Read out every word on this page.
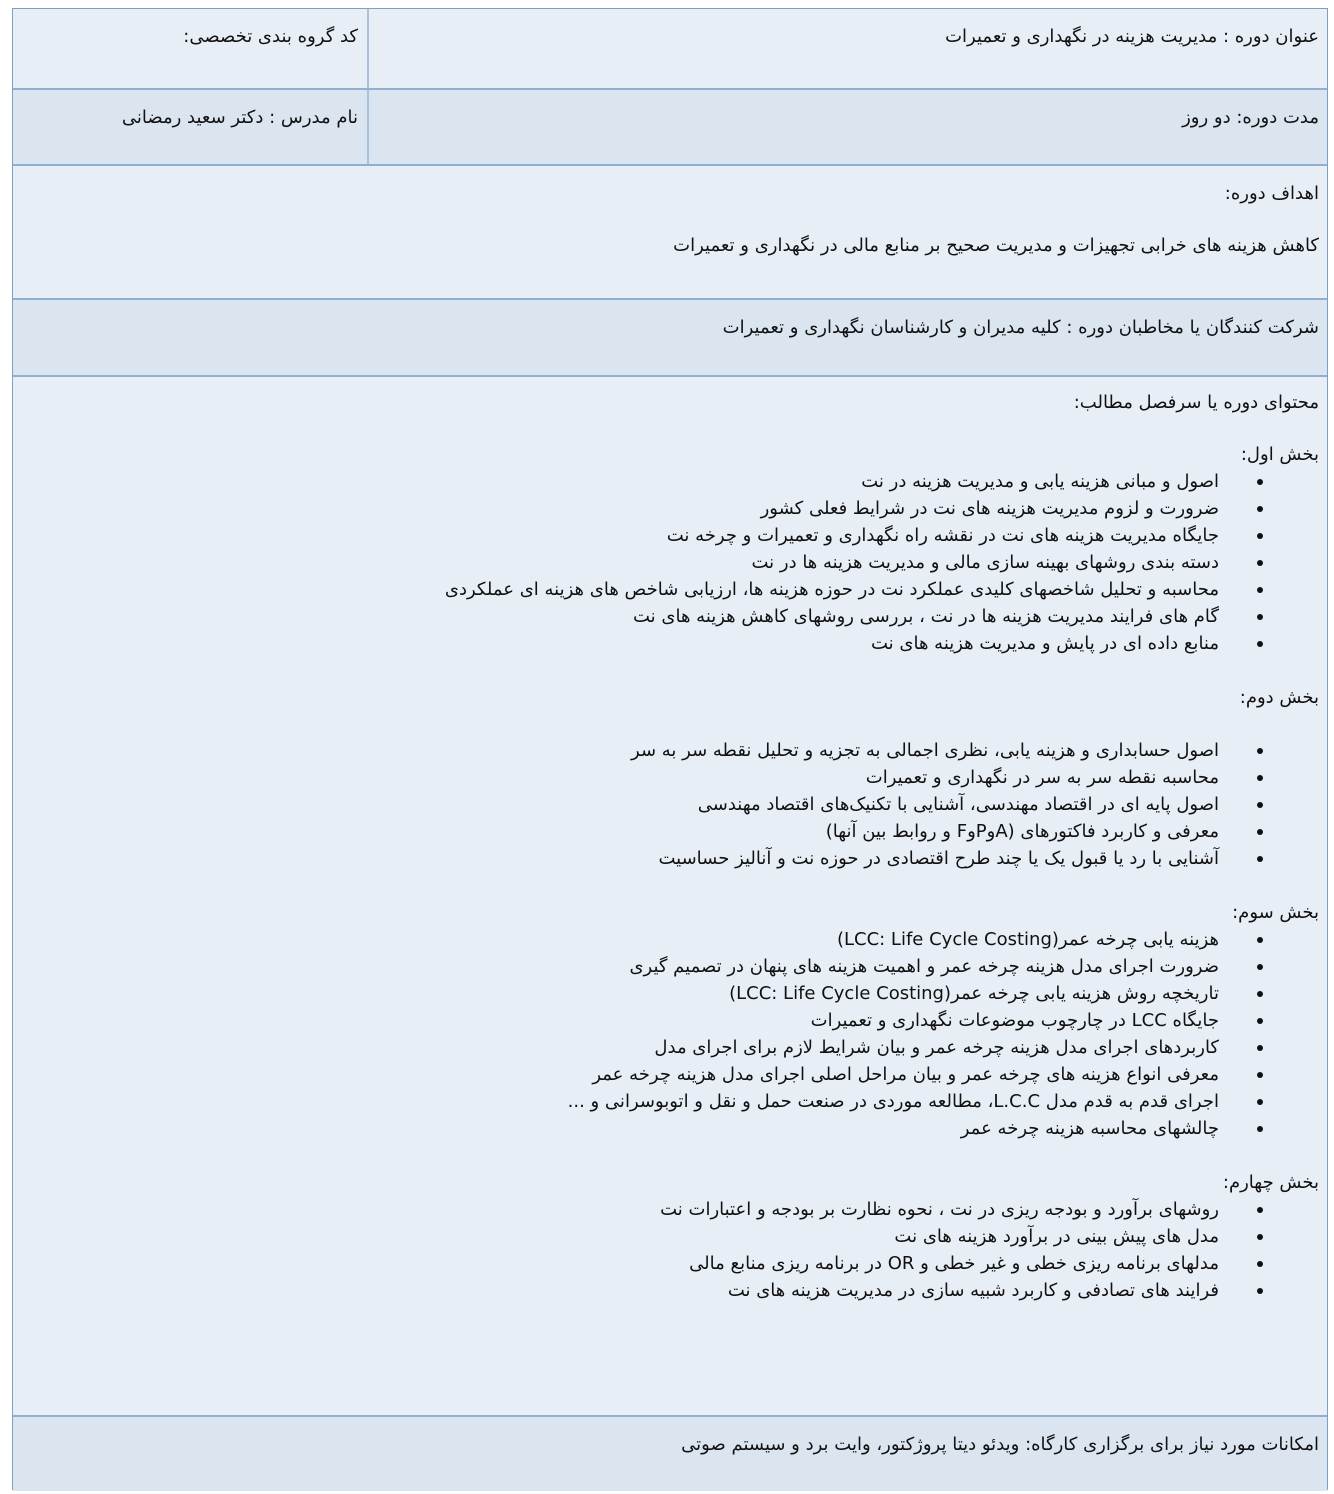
عنوان دوره : مدیریت هزینه در نگهداری و تعمیرات
کد گروه بندی تخصصی:
مدت دوره: دو روز
نام مدرس : دکتر سعید رمضانی
اهداف دوره:
کاهش هزینه های خرابی تجهیزات و مدیریت صحیح بر منابع مالی در نگهداری و تعمیرات
شرکت کنندگان یا مخاطبان دوره : کلیه مدیران و کارشناسان نگهداری و تعمیرات
محتوای دوره یا سرفصل مطالب:
بخش اول:
اصول و مبانی هزینه یابی و مدیریت هزینه در نت
ضرورت و لزوم مدیریت هزینه های نت در شرایط فعلی کشور
جایگاه مدیریت هزینه های نت در نقشه راه نگهداری و تعمیرات و چرخه نت
دسته بندی روشهای بهینه سازی مالی و مدیریت هزینه ها در نت
محاسبه و تحلیل شاخصهای کلیدی عملکرد نت در حوزه هزینه ها، ارزیابی شاخص های هزینه ای عملکردی
گام های فرایند مدیریت هزینه ها در نت ، بررسی روشهای کاهش هزینه های نت
منابع داده ای در پایش و مدیریت هزینه های نت
بخش دوم:
اصول حسابداری و هزینه یابی، نظری اجمالی به تجزیه و تحلیل نقطه سر به سر
محاسبه نقطه سر به سر در نگهداری و تعمیرات
اصول پایه ای در اقتصاد مهندسی، آشنایی با تکنیک‌های اقتصاد مهندسی
معرفی و کاربرد فاکتورهای (AوPوF و روابط بین آنها)
آشنایی با رد یا قبول یک یا چند طرح اقتصادی در حوزه نت و آنالیز حساسیت
بخش سوم:
هزینه یابی چرخه عمر(LCC: Life Cycle Costing)
ضرورت اجرای مدل هزینه چرخه عمر و اهمیت هزینه های پنهان در تصمیم گیری
تاریخچه روش هزینه یابی چرخه عمر(LCC: Life Cycle Costing)
جایگاه LCC در چارچوب موضوعات نگهداری و تعمیرات
کاربردهای اجرای مدل هزینه چرخه عمر و بیان شرایط لازم برای اجرای مدل
معرفی انواع هزینه های چرخه عمر و بیان مراحل اصلی اجرای مدل هزینه چرخه عمر
اجرای قدم به قدم مدل L.C.C، مطالعه موردی در صنعت حمل و نقل و اتوبوسرانی و ...
چالشهای محاسبه هزینه چرخه عمر
بخش چهارم:
روشهای برآورد و بودجه ریزی در نت ، نحوه نظارت بر بودجه و اعتبارات نت
مدل های پیش بینی در برآورد هزینه های نت
مدلهای برنامه ریزی خطی و غیر خطی و OR در برنامه ریزی منابع مالی
فرایند های تصادفی و کاربرد شبیه سازی در مدیریت هزینه های نت
امکانات مورد نیاز برای برگزاری کارگاه: ویدئو دیتا پروژکتور، وایت برد و سیستم صوتی
